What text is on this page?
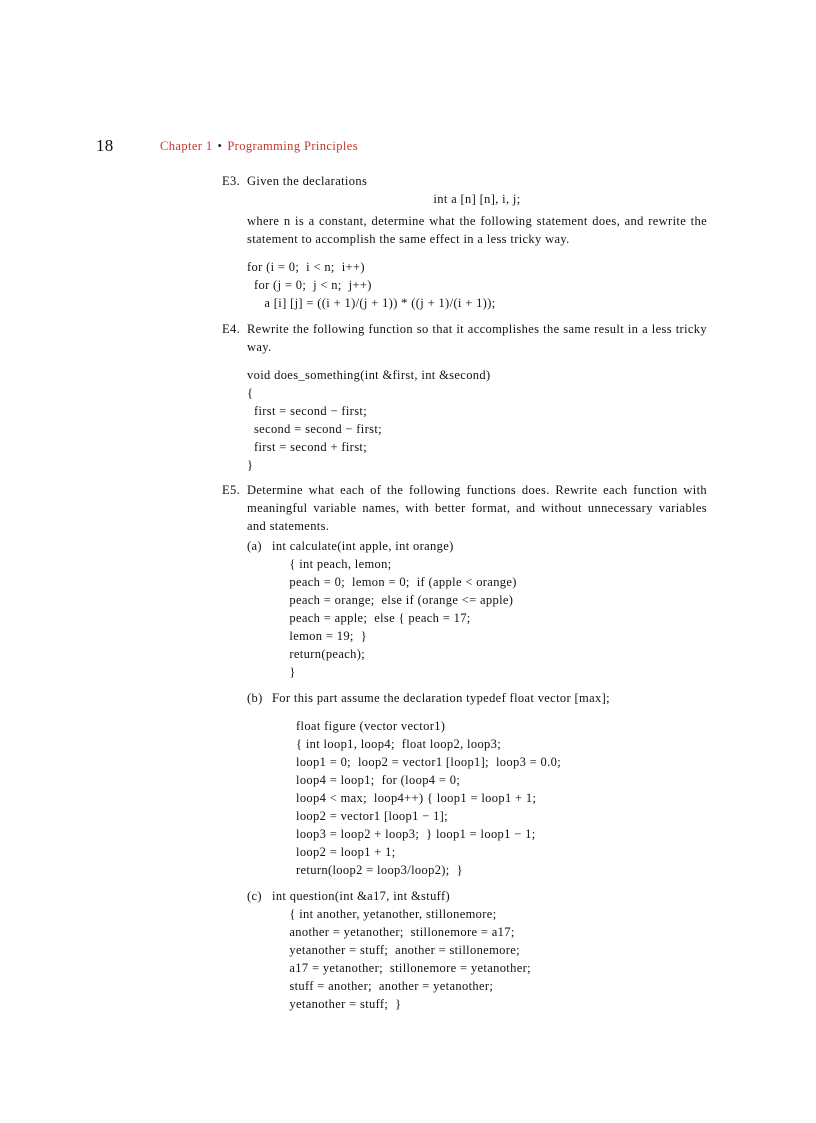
18	Chapter 1 • Programming Principles
E3. Given the declarations
int a [n] [n], i, j;
where n is a constant, determine what the following statement does, and rewrite the statement to accomplish the same effect in a less tricky way.
for (i = 0;  i < n;  i++)
for (j = 0;  j < n;  j++)
a [i] [j] = ((i + 1)/(j + 1)) * ((j + 1)/(i + 1));
E4. Rewrite the following function so that it accomplishes the same result in a less tricky way.
void does_something(int &first, int &second)
{
first = second − first;
second = second − first;
first = second + first;
}
E5. Determine what each of the following functions does. Rewrite each function with meaningful variable names, with better format, and without unnecessary variables and statements.
(a) int calculate(int apple, int orange)
{ int peach, lemon;
peach = 0;  lemon = 0;  if (apple < orange)
peach = orange;  else if (orange <= apple)
peach = apple;  else { peach = 17;
lemon = 19;  }
return(peach);
}
(b) For this part assume the declaration typedef float vector [max];
float figure (vector vector1)
{ int loop1, loop4;  float loop2, loop3;
loop1 = 0;  loop2 = vector1 [loop1];  loop3 = 0.0;
loop4 = loop1;  for (loop4 = 0;
loop4 < max;  loop4++) { loop1 = loop1 + 1;
loop2 = vector1 [loop1 − 1];
loop3 = loop2 + loop3;  } loop1 = loop1 − 1;
loop2 = loop1 + 1;
return(loop2 = loop3/loop2);  }
(c) int question(int &a17, int &stuff)
{ int another, yetanother, stillonemore;
another = yetanother;  stillonemore = a17;
yetanother = stuff;  another = stillonemore;
a17 = yetanother;  stillonemore = yetanother;
stuff = another;  another = yetanother;
yetanother = stuff;  }
